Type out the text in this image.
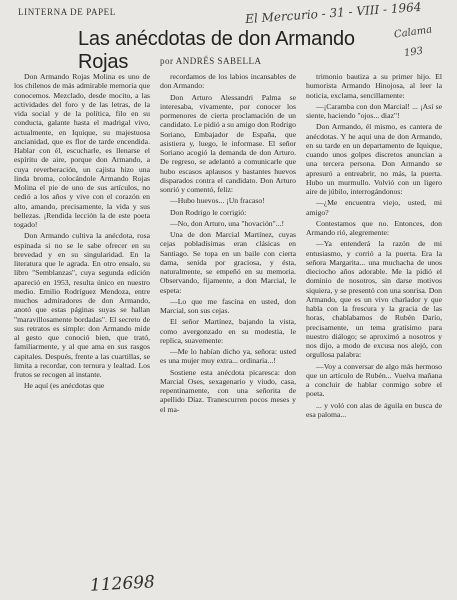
LINTERNA DE PAPEL	El Mercurio - 31 - VIII - 1964
Calama
193
Las anécdotas de don Armando Rojas	por ANDRÉS SABELLA

Don Armando Rojas Molina es uno de los chilenos de más admirable memoria que conocemos. Mezclado, desde mocito, a las actividades del foro y de las letras, de la vida social y de la política, filo en su conducta, galante hasta el madrigal vivo, actualmente, en Iquique, su majestuosa ancianidad, que es flor de tarde encendida. Hablar con él, escucharle, es llenarse el espíritu de aire, porque don Armando, a cuya reverberación, un cajista hizo una linda broma, colocándole Armando Rojas Molina el pie de uno de sus artículos, no cedió a los años y vive con el corazón en alto, amando, precisamente, la vida y sus bellezas. ¡Rendida lección la de este poeta togado!

Don Armando cultiva la anécdota, rosa espinada si no se le sabe ofrecer en su brevedad y en su singularidad. En la literatura que le agrada. En otro ensalo, su libro "Semblanzas", cuya segunda edición apareció en 1953, resulta único en nuestro medio. Emilio Rodríguez Mendoza, entre muchos admiradores de don Armando, anotó que estas páginas suyas se hallan "maravillosamente bordadas". El secreto de sus retratos es simple: don Armando mide al gesto que conoció bien, que trató, familiarmente, y al que ama en sus rasgos capitales. Después, frente a las cuartillas, se limita a recordar, con ternura y lealtad. Los frutos se recogen al instante.

He aquí (es anécdotas que

recordamos de los labios incansables de don Armando:

Don Arturo Alessandri Palma se interesaba, vivamente, por conocer los pormenores de cierta proclamación de un candidato. Le pidió a su amigo don Rodrigo Soriano, Embajador de España, que asistiera y, luego, le informase. El señor Soriano acogió la demanda de don Arturo. De regreso, se adelantó a comunicarle que hubo escasos aplausos y bastantes huevos disparados contra el candidato. Don Arturo sonrió y comentó, feliz:

—Hubo huevos... ¡Un fracaso!

Don Rodrigo le corrigió:

—No, don Arturo, una "hovación"...!

Una de don Marcial Martínez, cuyas cejas pobladísimas eran clásicas en Santiago. Se topa en un baile con cierta dama, senida por graciosa, y ésta, naturalmente, se empeñó en su memoria. Observando, fijamente, a don Marcial, le espeta:

—Lo que me fascina en usted, don Marcial, son sus cejas.

El señor Martínez, bajando la vista, como avergonzado en su modestia, le replica, suavemente:

—Me lo habían dicho ya, señora: usted es una mujer muy extra... ordinaria...!

Sostiene esta anécdota picaresca: don Marcial Oses, sexagenario y viudo, casa, repentinamente, con una señorita de apellido Díaz. Tranescurren pocos meses y el ma-

trimonio bautiza a su primer hijo. El humorista Armando Hinojosa, al leer la noticia, exclama, sencillamente:

—¡Caramba con don Marcial! ... ¡Así se siente, haciendo "ojos... diaz"!

Don Armando, él mismo, es cantera de anécdotas. Y he aquí una de don Armando, en su tarde en un departamento de Iquique, cuando unos golpes discretos anuncian a una tercera persona. Don Armando se apresuró a entreabrir, no más, la puerta. Hubo un murmullo. Volvió con un ligero aire de júbilo, interrogándonos:

—¿Me encuentra viejo, usted, mi amigo?

Contestamos que no. Entonces, don Armando rió, alegremente:

—Ya entenderá la razón de mi entusiasmo, y corrió a la puerta. Era la señora Margarita... una muchacha de unos dieciocho años adorable. Me la pidió el dominio de nosotros, sin darse motivos siquiera, y se presentó con una sonrisa. Don Armando, que es un vivo charlador y que habla con la frescura y la gracia de las horas, chablabamos de Rubén Darío, precisamente, un tema gratísimo para nuestro diálogo; se aproximó a nosotros y nos dijo, a modo de excusa nos alejó, con orgullosa palabra:

—Voy a conversar de algo más hermoso que un artículo de Rubén... Vuelva mañana a concluir de hablar conmigo sobre el poeta.

... y voló con alas de águila en busca de esa paloma...

112698
